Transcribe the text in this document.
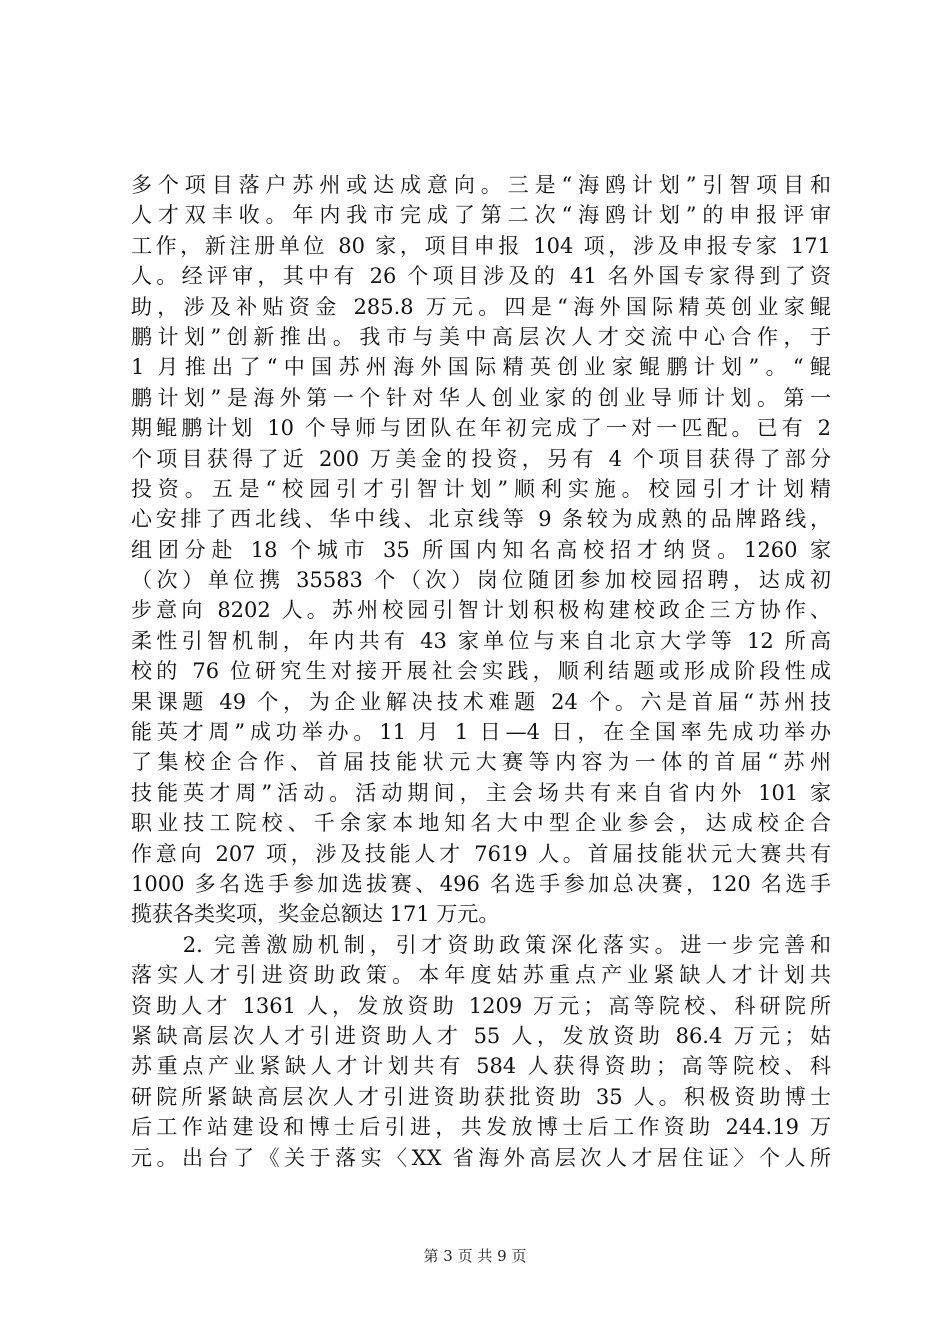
多个项目落户苏州或达成意向。三是“海鸥计划”引智项目和
人才双丰收。年内我市完成了第二次“海鸥计划”的申报评审
工作，新注册单位 80 家，项目申报 104 项，涉及申报专家 171
人。经评审，其中有 26 个项目涉及的 41 名外国专家得到了资
助，涉及补贴资金 285.8 万元。四是“海外国际精英创业家鲲
鹏计划”创新推出。我市与美中高层次人才交流中心合作，于
1 月推出了“中国苏州海外国际精英创业家鲲鹏计划”。“鲲
鹏计划”是海外第一个针对华人创业家的创业导师计划。第一
期鲲鹏计划 10 个导师与团队在年初完成了一对一匹配。已有 2
个项目获得了近 200 万美金的投资，另有 4 个项目获得了部分
投资。五是“校园引才引智计划”顺利实施。校园引才计划精
心安排了西北线、华中线、北京线等 9 条较为成熟的品牌路线，
组团分赴 18 个城市 35 所国内知名高校招才纳贤。1260 家
（次）单位携 35583 个（次）岗位随团参加校园招聘，达成初
步意向 8202 人。苏州校园引智计划积极构建校政企三方协作、
柔性引智机制，年内共有 43 家单位与来自北京大学等 12 所高
校的 76 位研究生对接开展社会实践，顺利结题或形成阶段性成
果课题 49 个，为企业解决技术难题 24 个。六是首届“苏州技
能英才周”成功举办。11 月 1 日—4 日，在全国率先成功举办
了集校企合作、首届技能状元大赛等内容为一体的首届“苏州
技能英才周”活动。活动期间，主会场共有来自省内外 101 家
职业技工院校、千余家本地知名大中型企业参会，达成校企合
作意向 207 项，涉及技能人才 7619 人。首届技能状元大赛共有
1000 多名选手参加选拔赛、496 名选手参加总决赛，120 名选手
揽获各类奖项，奖金总额达 171 万元。
　　2. 完善激励机制，引才资助政策深化落实。进一步完善和
落实人才引进资助政策。本年度姑苏重点产业紧缺人才计划共
资助人才 1361 人，发放资助 1209 万元；高等院校、科研院所
紧缺高层次人才引进资助人才 55 人，发放资助 86.4 万元；姑
苏重点产业紧缺人才计划共有 584 人获得资助；高等院校、科
研院所紧缺高层次人才引进资助获批资助 35 人。积极资助博士
后工作站建设和博士后引进，共发放博士后工作资助 244.19 万
元。出台了《关于落实〈XX 省海外高层次人才居住证〉个人所
第 3 页 共 9 页
